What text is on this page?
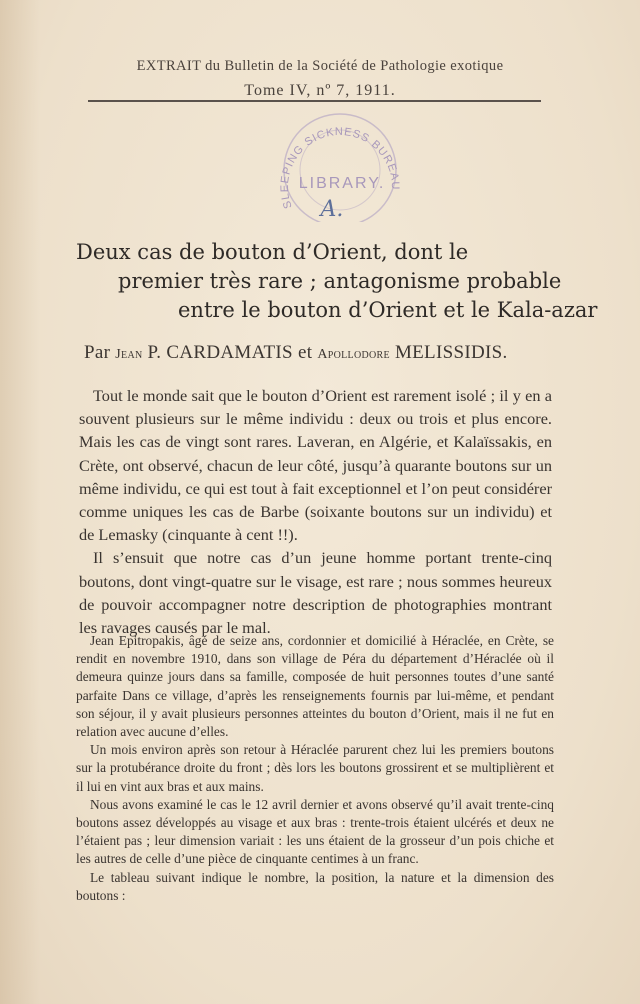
EXTRAIT du Bulletin de la Société de Pathologie exotique
Tome IV, nº 7, 1911.
SLEEPING SICKNESS BUREAU
LIBRARY.
A.
Deux cas de bouton d’Orient, dont le
premier très rare ; antagonisme probable
entre le bouton d’Orient et le Kala-azar
Par Jean P. CARDAMATIS et Apollodore MELISSIDIS.

Tout le monde sait que le bouton d’Orient est rarement isolé ; il y en a souvent plusieurs sur le même individu : deux ou trois et plus encore. Mais les cas de vingt sont rares. Laveran, en Algérie, et Kalaïssakis, en Crète, ont observé, chacun de leur côté, jusqu’à quarante boutons sur un même individu, ce qui est tout à fait exceptionnel et l’on peut considérer comme uniques les cas de Barbe (soixante boutons sur un individu) et de Lemasky (cinquante à cent !!).

Il s’ensuit que notre cas d’un jeune homme portant trente-cinq boutons, dont vingt-quatre sur le visage, est rare ; nous sommes heureux de pouvoir accompagner notre description de photographies montrant les ravages causés par le mal.

Jean Epitropakis, âgé de seize ans, cordonnier et domicilié à Héraclée, en Crète, se rendit en novembre 1910, dans son village de Péra du département d’Héraclée où il demeura quinze jours dans sa famille, composée de huit personnes toutes d’une santé parfaite Dans ce village, d’après les renseignements fournis par lui-même, et pendant son séjour, il y avait plusieurs personnes atteintes du bouton d’Orient, mais il ne fut en relation avec aucune d’elles.

Un mois environ après son retour à Héraclée parurent chez lui les premiers boutons sur la protubérance droite du front ; dès lors les boutons grossirent et se multiplièrent et il lui en vint aux bras et aux mains.

Nous avons examiné le cas le 12 avril dernier et avons observé qu’il avait trente-cinq boutons assez développés au visage et aux bras : trente-trois étaient ulcérés et deux ne l’étaient pas ; leur dimension variait : les uns étaient de la grosseur d’un pois chiche et les autres de celle d’une pièce de cinquante centimes à un franc.

Le tableau suivant indique le nombre, la position, la nature et la dimension des boutons :
